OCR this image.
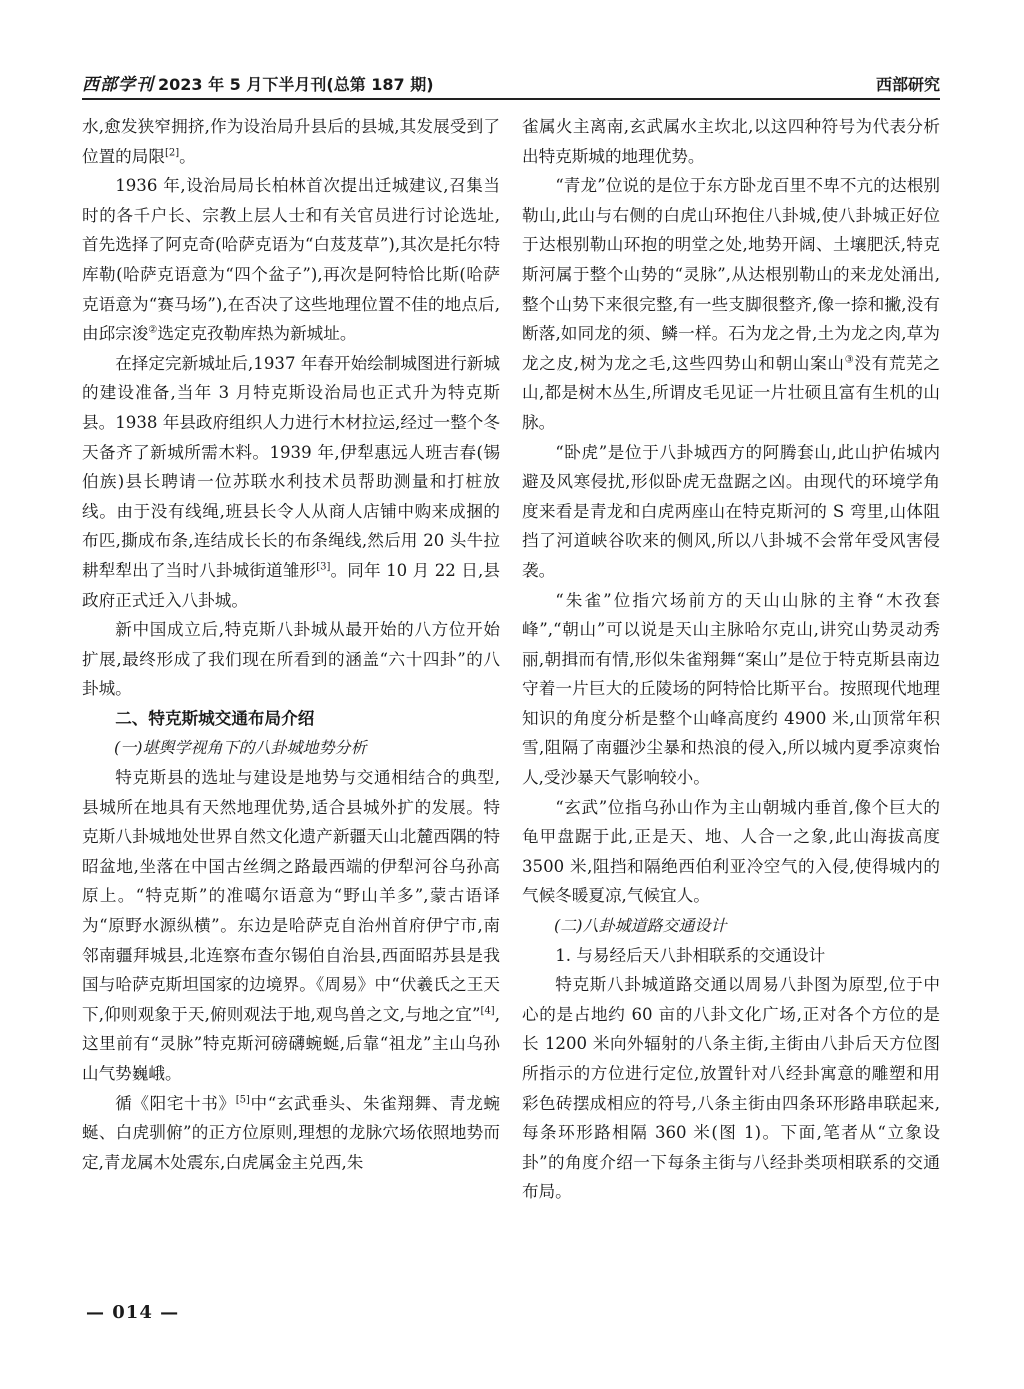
西部学刊 2023 年 5 月下半月刊(总第 187 期)	西部研究

水,愈发狭窄拥挤,作为设治局升县后的县城,其发展受到了位置的局限[2]。

1936 年,设治局局长柏林首次提出迁城建议,召集当时的各千户长、宗教上层人士和有关官员进行讨论选址,首先选择了阿克奇(哈萨克语为“白芨芨草”),其次是托尔特库勒(哈萨克语意为“四个盆子”),再次是阿特恰比斯(哈萨克语意为“赛马场”),在否决了这些地理位置不佳的地点后,由邱宗浚②选定克孜勒库热为新城址。

在择定完新城址后,1937 年春开始绘制城图进行新城的建设准备,当年 3 月特克斯设治局也正式升为特克斯县。1938 年县政府组织人力进行木材拉运,经过一整个冬天备齐了新城所需木料。1939 年,伊犁惠远人班吉春(锡伯族)县长聘请一位苏联水利技术员帮助测量和打桩放线。由于没有线绳,班县长令人从商人店铺中购来成捆的布匹,撕成布条,连结成长长的布条绳线,然后用 20 头牛拉耕犁犁出了当时八卦城街道雏形[3]。同年 10 月 22 日,县政府正式迁入八卦城。

新中国成立后,特克斯八卦城从最开始的八方位开始扩展,最终形成了我们现在所看到的涵盖“六十四卦”的八卦城。

二、特克斯城交通布局介绍
(一)堪舆学视角下的八卦城地势分析

特克斯县的选址与建设是地势与交通相结合的典型,县城所在地具有天然地理优势,适合县城外扩的发展。特克斯八卦城地处世界自然文化遗产新疆天山北麓西隅的特昭盆地,坐落在中国古丝绸之路最西端的伊犁河谷乌孙高原上。“特克斯”的准噶尔语意为“野山羊多”,蒙古语译为“原野水源纵横”。东边是哈萨克自治州首府伊宁市,南邻南疆拜城县,北连察布查尔锡伯自治县,西面昭苏县是我国与哈萨克斯坦国家的边境界。《周易》中“伏羲氏之王天下,仰则观象于天,俯则观法于地,观鸟兽之文,与地之宜”[4],这里前有“灵脉”特克斯河磅礴蜿蜒,后靠“祖龙”主山乌孙山气势巍峨。

循《阳宅十书》[5]中“玄武垂头、朱雀翔舞、青龙蜿蜒、白虎驯俯”的正方位原则,理想的龙脉穴场依照地势而定,青龙属木处震东,白虎属金主兑西,朱

雀属火主离南,玄武属水主坎北,以这四种符号为代表分析出特克斯城的地理优势。

“青龙”位说的是位于东方卧龙百里不卑不亢的达根别勒山,此山与右侧的白虎山环抱住八卦城,使八卦城正好位于达根别勒山环抱的明堂之处,地势开阔、土壤肥沃,特克斯河属于整个山势的“灵脉”,从达根别勒山的来龙处涌出,整个山势下来很完整,有一些支脚很整齐,像一捺和撇,没有断落,如同龙的须、鳞一样。石为龙之骨,土为龙之肉,草为龙之皮,树为龙之毛,这些四势山和朝山案山③没有荒芜之山,都是树木丛生,所谓皮毛见证一片壮硕且富有生机的山脉。

“卧虎”是位于八卦城西方的阿腾套山,此山护佑城内避及风寒侵扰,形似卧虎无盘踞之凶。由现代的环境学角度来看是青龙和白虎两座山在特克斯河的 S 弯里,山体阻挡了河道峡谷吹来的侧风,所以八卦城不会常年受风害侵袭。

“朱雀”位指穴场前方的天山山脉的主脊“木孜套峰”,“朝山”可以说是天山主脉哈尔克山,讲究山势灵动秀丽,朝揖而有情,形似朱雀翔舞“案山”是位于特克斯县南边守着一片巨大的丘陵场的阿特恰比斯平台。按照现代地理知识的角度分析是整个山峰高度约 4900 米,山顶常年积雪,阻隔了南疆沙尘暴和热浪的侵入,所以城内夏季凉爽怡人,受沙暴天气影响较小。

“玄武”位指乌孙山作为主山朝城内垂首,像个巨大的龟甲盘踞于此,正是天、地、人合一之象,此山海拔高度 3500 米,阻挡和隔绝西伯利亚冷空气的入侵,使得城内的气候冬暖夏凉,气候宜人。

(二)八卦城道路交通设计

1. 与易经后天八卦相联系的交通设计

特克斯八卦城道路交通以周易八卦图为原型,位于中心的是占地约 60 亩的八卦文化广场,正对各个方位的是长 1200 米向外辐射的八条主街,主街由八卦后天方位图所指示的方位进行定位,放置针对八经卦寓意的雕塑和用彩色砖摆成相应的符号,八条主街由四条环形路串联起来,每条环形路相隔 360 米(图 1)。下面,笔者从“立象设卦”的角度介绍一下每条主街与八经卦类项相联系的交通布局。

— 014 —
